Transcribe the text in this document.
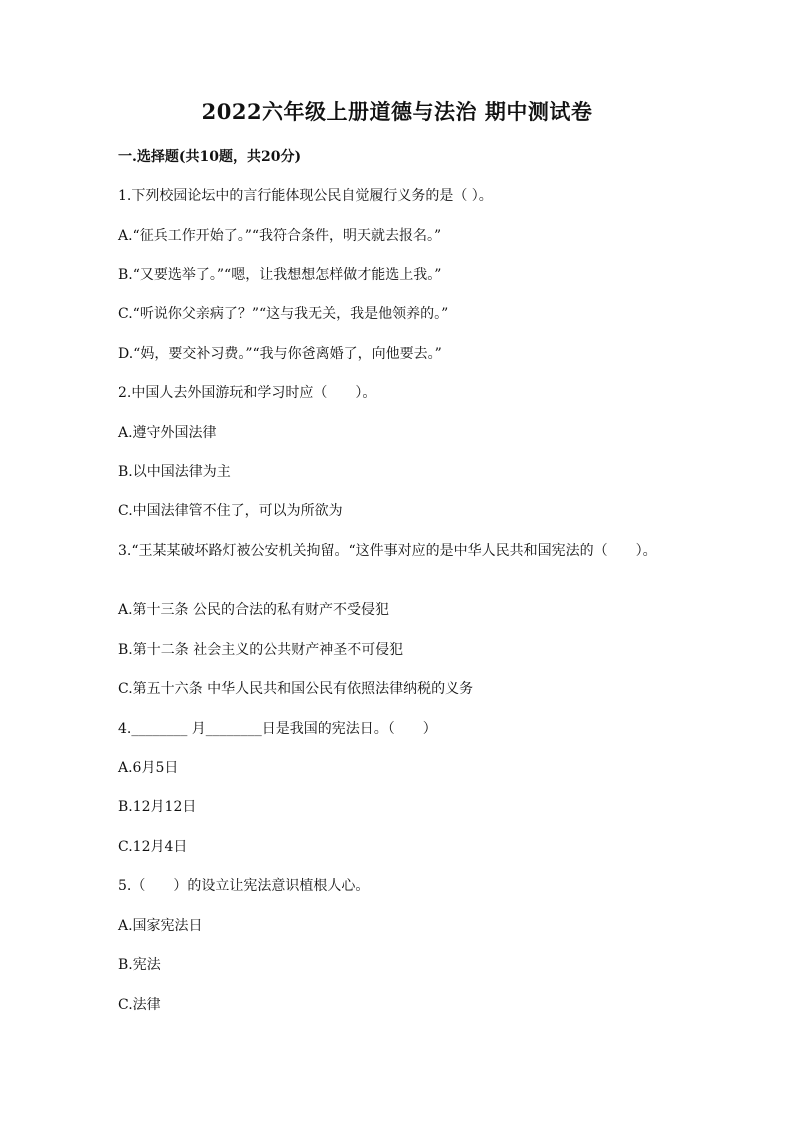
2022六年级上册道德与法治 期中测试卷
一.选择题(共10题，共20分)
1.下列校园论坛中的言行能体现公民自觉履行义务的是（ ）。
A.“征兵工作开始了。”“我符合条件，明天就去报名。”
B.“又要选举了。”“嗯，让我想想怎样做才能选上我。”
C.“听说你父亲病了？”“这与我无关，我是他领养的。”
D.“妈，要交补习费。”“我与你爸离婚了，向他要去。”
2.中国人去外国游玩和学习时应（　　）。
A.遵守外国法律
B.以中国法律为主
C.中国法律管不住了，可以为所欲为
3.“王某某破坏路灯被公安机关拘留。“这件事对应的是中华人民共和国宪法的（　　）。
A.第十三条 公民的合法的私有财产不受侵犯
B.第十二条 社会主义的公共财产神圣不可侵犯
C.第五十六条 中华人民共和国公民有依照法律纳税的义务
4.________ 月________日是我国的宪法日。（　　）
A.6月5日
B.12月12日
C.12月4日
5.（　　）的设立让宪法意识植根人心。
A.国家宪法日
B.宪法
C.法律
